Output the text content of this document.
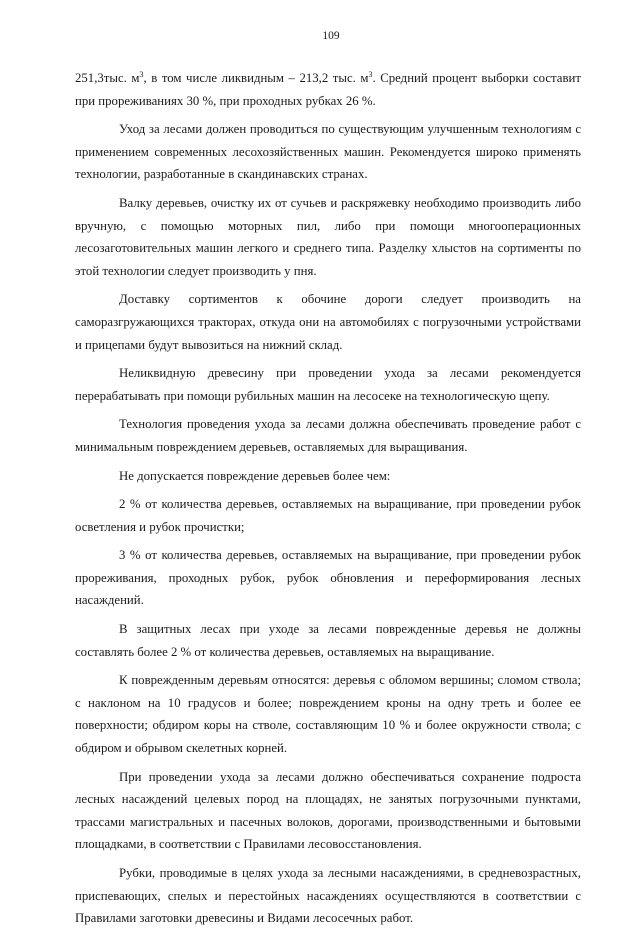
109

251,3тыс. $м^3$, в том числе ликвидным – 213,2 тыс. $м^3$. Средний процент выборки составит при прореживаниях 30 %, при проходных рубках 26 %.

Уход за лесами должен проводиться по существующим улучшенным технологиям с применением современных лесохозяйственных машин. Рекомендуется широко применять технологии, разработанные в скандинавских странах.

Валку деревьев, очистку их от сучьев и раскряжевку необходимо производить либо вручную, с помощью моторных пил, либо при помощи многооперационных лесозаготовительных машин легкого и среднего типа. Разделку хлыстов на сортименты по этой технологии следует производить у пня.

Доставку сортиментов к обочине дороги следует производить на саморазгружающихся тракторах, откуда они на автомобилях с погрузочными устройствами и прицепами будут вывозиться на нижний склад.

Неликвидную древесину при проведении ухода за лесами рекомендуется перерабатывать при помощи рубильных машин на лесосеке на технологическую щепу.

Технология проведения ухода за лесами должна обеспечивать проведение работ с минимальным повреждением деревьев, оставляемых для выращивания.

Не допускается повреждение деревьев более чем:

2 % от количества деревьев, оставляемых на выращивание, при проведении рубок осветления и рубок прочистки;

3 % от количества деревьев, оставляемых на выращивание, при проведении рубок прореживания, проходных рубок, рубок обновления и переформирования лесных насаждений.

В защитных лесах при уходе за лесами поврежденные деревья не должны составлять более 2 % от количества деревьев, оставляемых на выращивание.

К поврежденным деревьям относятся: деревья с обломом вершины; сломом ствола; с наклоном на 10 градусов и более; повреждением кроны на одну треть и более ее поверхности; обдиром коры на стволе, составляющим 10 % и более окружности ствола; с обдиром и обрывом скелетных корней.

При проведении ухода за лесами должно обеспечиваться сохранение подроста лесных насаждений целевых пород на площадях, не занятых погрузочными пунктами, трассами магистральных и пасечных волоков, дорогами, производственными и бытовыми площадками, в соответствии с Правилами лесовосстановления.

Рубки, проводимые в целях ухода за лесными насаждениями, в средневозрастных, приспевающих, спелых и перестойных насаждениях осуществляются в соответствии с Правилами заготовки древесины и Видами лесосечных работ.
